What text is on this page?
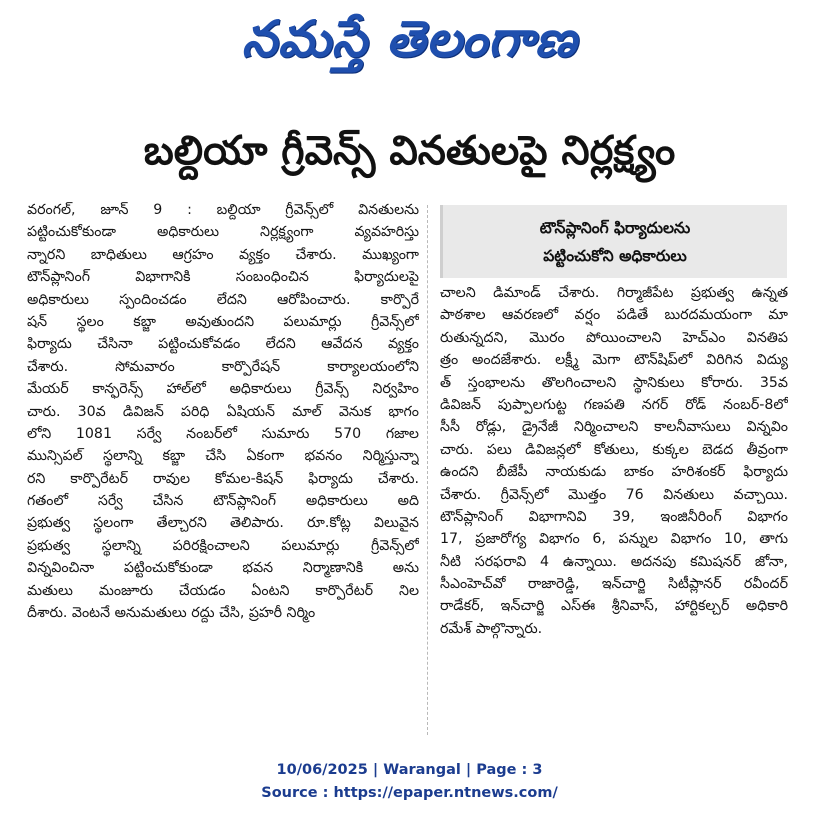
నమస్తే తెలంగాణ
బల్దియా గ్రీవెన్స్ వినతులపై నిర్లక్ష్యం
వరంగల్, జూన్ 9 : బల్దియా గ్రీవెన్స్‌లో వినతులను
పట్టించుకోకుండా అధికారులు నిర్లక్ష్యంగా వ్యవహరిస్తు
న్నారని బాధితులు ఆగ్రహం వ్యక్తం చేశారు. ముఖ్యంగా
టౌన్‌ప్లానింగ్ విభాగానికి సంబంధించిన ఫిర్యాదులపై
అధికారులు స్పందించడం లేదని ఆరోపించారు. కార్పొరే
షన్ స్థలం కబ్జా అవుతుందని పలుమార్లు గ్రీవెన్స్‌లో
ఫిర్యాదు చేసినా పట్టించుకోవడం లేదని ఆవేదన వ్యక్తం
చేశారు. సోమవారం కార్పొరేషన్ కార్యాలయంలోని
మేయర్ కాన్ఫరెన్స్ హాల్‌లో అధికారులు గ్రీవెన్స్ నిర్వహిం
చారు. 30వ డివిజన్ పరిధి ఏషియన్ మాల్ వెనుక భాగం
లోని 1081 సర్వే నంబర్‌లో సుమారు 570 గజాల
మున్సిపల్ స్థలాన్ని కబ్జా చేసి ఏకంగా భవనం నిర్మిస్తున్నా
రని కార్పొరేటర్ రావుల కోమల-కిషన్ ఫిర్యాదు చేశారు.
గతంలో సర్వే చేసిన టౌన్‌ప్లానింగ్ అధికారులు అది
ప్రభుత్వ స్థలంగా తేల్చారని తెలిపారు. రూ.కోట్ల విలువైన
ప్రభుత్వ స్థలాన్ని పరిరక్షించాలని పలుమార్లు గ్రీవెన్స్‌లో
విన్నవించినా పట్టించుకోకుండా భవన నిర్మాణానికి అను
మతులు మంజూరు చేయడం ఏంటని కార్పొరేటర్ నిల
దీశారు. వెంటనే అనుమతులు రద్దు చేసి, ప్రహరీ నిర్మిం
టౌన్‌ప్లానింగ్ ఫిర్యాదులను
పట్టించుకోని అధికారులు
చాలని డిమాండ్ చేశారు. గిర్మాజీపేట ప్రభుత్వ ఉన్నత
పాఠశాల ఆవరణలో వర్షం పడితే బురదమయంగా మా
రుతున్నదని, మొరం పోయించాలని హెచ్‌ఎం వినతిప
త్రం అందజేశారు. లక్ష్మీ మెగా టౌన్‌షిప్‌లో విరిగిన విద్యు
త్ స్తంభాలను తొలగించాలని స్థానికులు కోరారు. 35వ
డివిజన్ పుప్పాలగుట్ట గణపతి నగర్ రోడ్ నంబర్-8లో
సీసీ రోడ్లు, డ్రైనేజీ నిర్మించాలని కాలనీవాసులు విన్నవిం
చారు. పలు డివిజన్లలో కోతులు, కుక్కల బెడద తీవ్రంగా
ఉందని బీజేపీ నాయకుడు బాకం హరిశంకర్ ఫిర్యాదు
చేశారు. గ్రీవెన్స్‌లో మొత్తం 76 వినతులు వచ్చాయి.
టౌన్‌ప్లానింగ్ విభాగానివి 39, ఇంజినీరింగ్ విభాగం
17, ప్రజారోగ్య విభాగం 6, పన్నుల విభాగం 10, తాగు
నీటి సరఫరావి 4 ఉన్నాయి. అదనపు కమిషనర్ జోనా,
సీఎంహెచ్‌వో రాజారెడ్డి, ఇన్‌చార్జి సిటీప్లానర్ రవీందర్
రాడేకర్, ఇన్‌చార్జి ఎస్‌ఈ శ్రీనివాస్, హార్టికల్చర్ అధికారి
రమేశ్ పాల్గొన్నారు.
10/06/2025 | Warangal | Page : 3
Source : https://epaper.ntnews.com/
